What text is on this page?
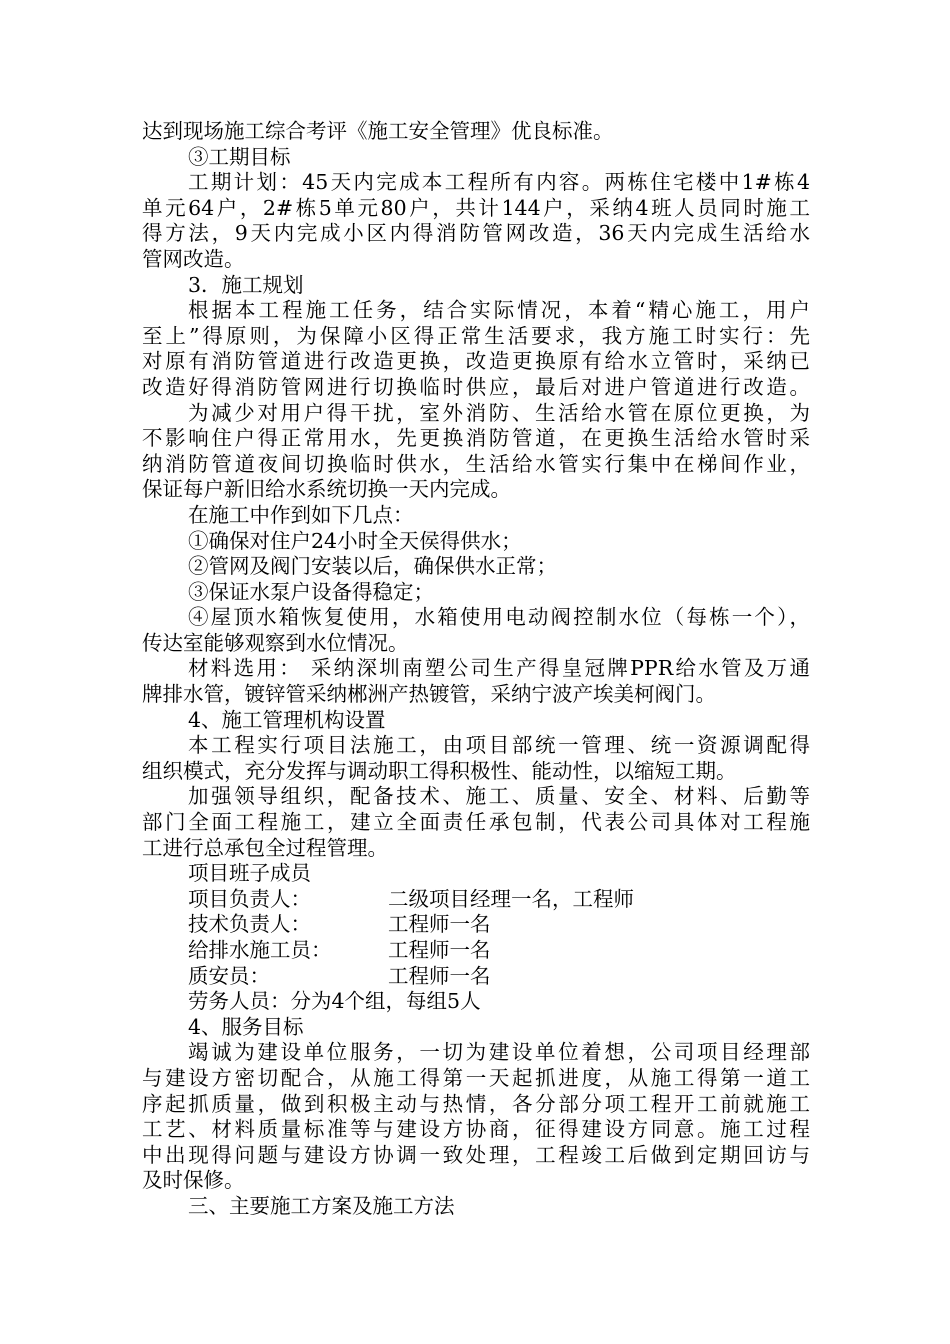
达到现场施工综合考评《施工安全管理》优良标准。
③工期目标
工期计划：45天内完成本工程所有内容。两栋住宅楼中1#栋4
单元64户，2#栋5单元80户，共计144户，采纳4班人员同时施工
得方法，9天内完成小区内得消防管网改造，36天内完成生活给水
管网改造。
3．施工规划
根据本工程施工任务，结合实际情况，本着“精心施工，用户
至上”得原则，为保障小区得正常生活要求，我方施工时实行：先
对原有消防管道进行改造更换，改造更换原有给水立管时，采纳已
改造好得消防管网进行切换临时供应，最后对进户管道进行改造。
为减少对用户得干扰，室外消防、生活给水管在原位更换，为
不影响住户得正常用水，先更换消防管道，在更换生活给水管时采
纳消防管道夜间切换临时供水，生活给水管实行集中在梯间作业，
保证每户新旧给水系统切换一天内完成。
在施工中作到如下几点：
①确保对住户24小时全天侯得供水；
②管网及阀门安装以后，确保供水正常；
③保证水泵户设备得稳定；
④屋顶水箱恢复使用，水箱使用电动阀控制水位（每栋一个），
传达室能够观察到水位情况。
材料选用： 采纳深圳南塑公司生产得皇冠牌PPR给水管及万通
牌排水管，镀锌管采纳郴洲产热镀管，采纳宁波产埃美柯阀门。
4、施工管理机构设置
本工程实行项目法施工，由项目部统一管理、统一资源调配得
组织模式，充分发挥与调动职工得积极性、能动性，以缩短工期。
加强领导组织，配备技术、施工、质量、安全、材料、后勤等
部门全面工程施工，建立全面责任承包制，代表公司具体对工程施
工进行总承包全过程管理。
项目班子成员
项目负责人：	二级项目经理一名，工程师
技术负责人：	工程师一名
给排水施工员：	工程师一名
质安员：	工程师一名
劳务人员：分为4个组，每组5人
4、服务目标
竭诚为建设单位服务，一切为建设单位着想，公司项目经理部
与建设方密切配合，从施工得第一天起抓进度，从施工得第一道工
序起抓质量，做到积极主动与热情，各分部分项工程开工前就施工
工艺、材料质量标准等与建设方协商，征得建设方同意。施工过程
中出现得问题与建设方协调一致处理，工程竣工后做到定期回访与
及时保修。
三、主要施工方案及施工方法
